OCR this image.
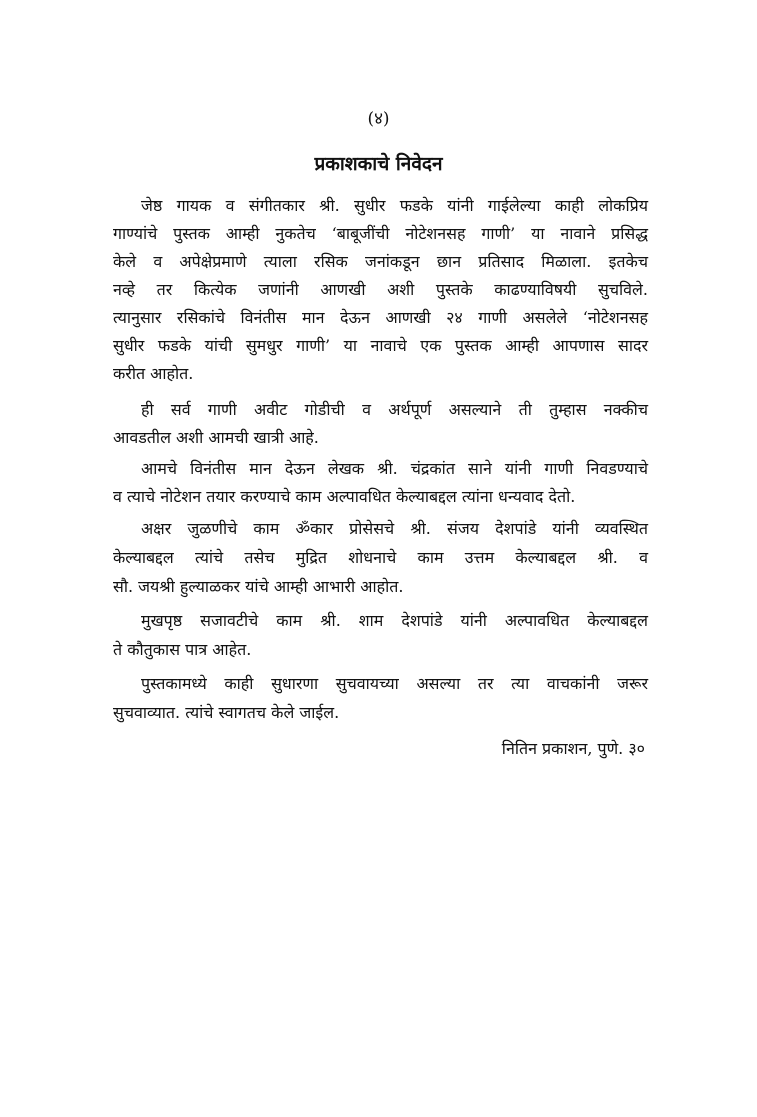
(४)
प्रकाशकाचे निवेदन
जेष्ठ गायक व संगीतकार श्री. सुधीर फडके यांनी गाईलेल्या काही लोकप्रिय
गाण्यांचे पुस्तक आम्ही नुकतेच ‘बाबूजींची नोटेशनसह गाणी’ या नावाने प्रसिद्ध
केले व अपेक्षेप्रमाणे त्याला रसिक जनांकडून छान प्रतिसाद मिळाला. इतकेच
नव्हे तर कित्येक जणांनी आणखी अशी पुस्तके काढण्याविषयी सुचविले.
त्यानुसार रसिकांचे विनंतीस मान देऊन आणखी २४ गाणी असलेले ‘नोटेशनसह
सुधीर फडके यांची सुमधुर गाणी’ या नावाचे एक पुस्तक आम्ही आपणास सादर
करीत आहोत.
ही सर्व गाणी अवीट गोडीची व अर्थपूर्ण असल्याने ती तुम्हास नक्कीच
आवडतील अशी आमची खात्री आहे.
आमचे विनंतीस मान देऊन लेखक श्री. चंद्रकांत साने यांनी गाणी निवडण्याचे
व त्याचे नोटेशन तयार करण्याचे काम अल्पावधित केल्याबद्दल त्यांना धन्यवाद देतो.
अक्षर जुळणीचे काम ॐकार प्रोसेसचे श्री. संजय देशपांडे यांनी व्यवस्थित
केल्याबद्दल त्यांचे तसेच मुद्रित शोधनाचे काम उत्तम केल्याबद्दल श्री. व
सौ. जयश्री हुल्याळकर यांचे आम्ही आभारी आहोत.
मुखपृष्ठ सजावटीचे काम श्री. शाम देशपांडे यांनी अल्पावधित केल्याबद्दल
ते कौतुकास पात्र आहेत.
पुस्तकामध्ये काही सुधारणा सुचवायच्या असल्या तर त्या वाचकांनी जरूर
सुचवाव्यात. त्यांचे स्वागतच केले जाईल.
नितिन प्रकाशन, पुणे. ३०
